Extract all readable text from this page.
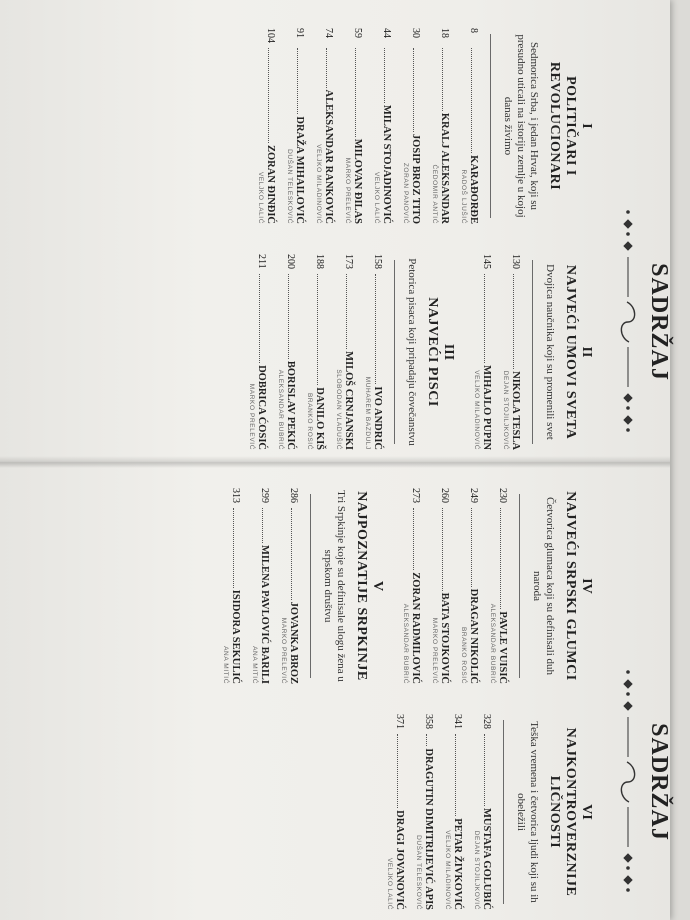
SADRŽAJ
I
POLITIČARI I REVOLUCIONARI
Sedmorica Srba, i jedan Hrvat, koji su presudno uticali na istoriju zemlje u kojoj danas živimo
8
KARAĐORĐE
RADOŠ LJUŠIĆ
18
KRALJ ALEKSANDAR
ČEDOMIR ANTIĆ
30
JOSIP BROZ TITO
ZORAN PANOVIĆ
44
MILAN STOJADINOVIĆ
VELJKO LALIĆ
59
MILOVAN ĐILAS
MARKO PRELEVIĆ
74
ALEKSANDAR RANKOVIĆ
VELJKO MILADINOVIĆ
91
DRAŽA MIHAILOVIĆ
DUŠAN TELESKOVIĆ
104
ZORAN ĐINĐIĆ
VELJKO LALIĆ
II
NAJVEĆI UMOVI SVETA
Dvojica naučnika koji su promenili svet
130
NIKOLA TESLA
DEJAN STOJILJKOVIĆ
145
MIHAJLO PUPIN
VELJKO MILADINOVIĆ
III
NAJVEĆI PISCI
Petorica pisaca koji pripadaju čovečanstvu
158
IVO ANDRIĆ
MUHAREM BAZDULJ
173
MILOŠ CRNJANSKI
SLOBODAN VLADUŠIĆ
188
DANILO KIŠ
BRANKO ROSIĆ
200
BORISLAV PEKIĆ
ALEKSANDAR BUBRIĆ
211
DOBRICA ĆOSIĆ
MARKO PRELEVIĆ
SADRŽAJ
IV
NAJVEĆI SRPSKI GLUMCI
Četvorica glumaca koji su definisali duh naroda
230
PAVLE VUISIĆ
ALEKSANDAR BUBRIĆ
249
DRAGAN NIKOLIĆ
BRANKO ROSIĆ
260
BATA STOJKOVIĆ
MARKO PRELEVIĆ
273
ZORAN RADMILOVIĆ
ALEKSANDAR BUBRIĆ
V
NAJPOZNATIJE SRPKINJE
Tri Srpkinje koje su definisale ulogu žena u srpskom društvu
286
JOVANKA BROZ
MARKO PRELEVIĆ
299
MILENA PAVLOVIĆ BARILI
ANA MITIĆ
313
ISIDORA SEKULIĆ
ANA MITIĆ
VI
NAJKONTROVERZNIJE LIČNOSTI
Teška vremena i četvorica ljudi koji su ih obeležili
328
MUSTAFA GOLUBIĆ
DEJAN STOJILJKOVIĆ
341
PETAR ŽIVKOVIĆ
VELJKO MILADINOVIĆ
358
DRAGUTIN DIMITRIJEVIĆ APIS
DUŠAN TELESKOVIĆ
371
DRAGI JOVANOVIĆ
VELJKO LALIĆ
